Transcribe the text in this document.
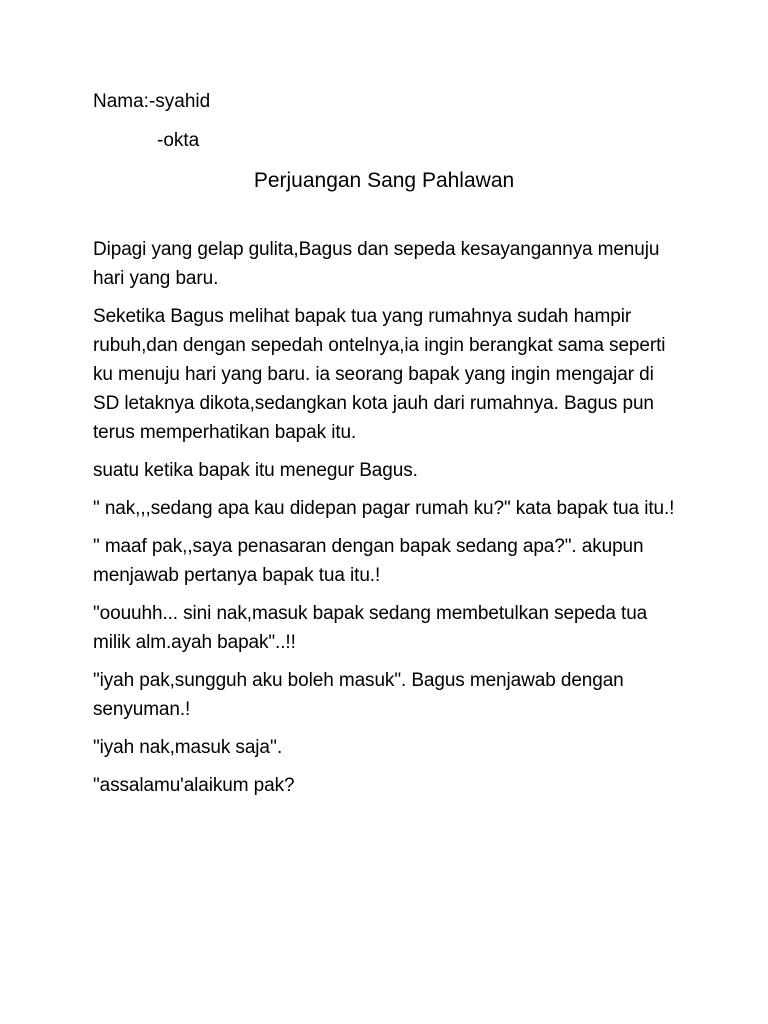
Nama:-syahid
-okta
Perjuangan Sang Pahlawan

Dipagi yang gelap gulita,Bagus dan sepeda kesayangannya menuju hari yang baru.

Seketika Bagus melihat bapak tua yang rumahnya sudah hampir rubuh,dan dengan sepedah ontelnya,ia ingin berangkat sama seperti ku menuju hari yang baru. ia seorang bapak yang ingin mengajar di SD letaknya dikota,sedangkan kota jauh dari rumahnya. Bagus pun terus memperhatikan bapak itu.

suatu ketika bapak itu menegur Bagus.

" nak,,,sedang apa kau didepan pagar rumah ku?" kata bapak tua itu.!

" maaf pak,,saya penasaran dengan bapak sedang apa?". akupun menjawab pertanya bapak tua itu.!

"oouuhh... sini nak,masuk bapak sedang membetulkan sepeda tua milik alm.ayah bapak"..!!

"iyah pak,sungguh aku boleh masuk". Bagus menjawab dengan senyuman.!

"iyah nak,masuk saja''.

"assalamu'alaikum pak?
